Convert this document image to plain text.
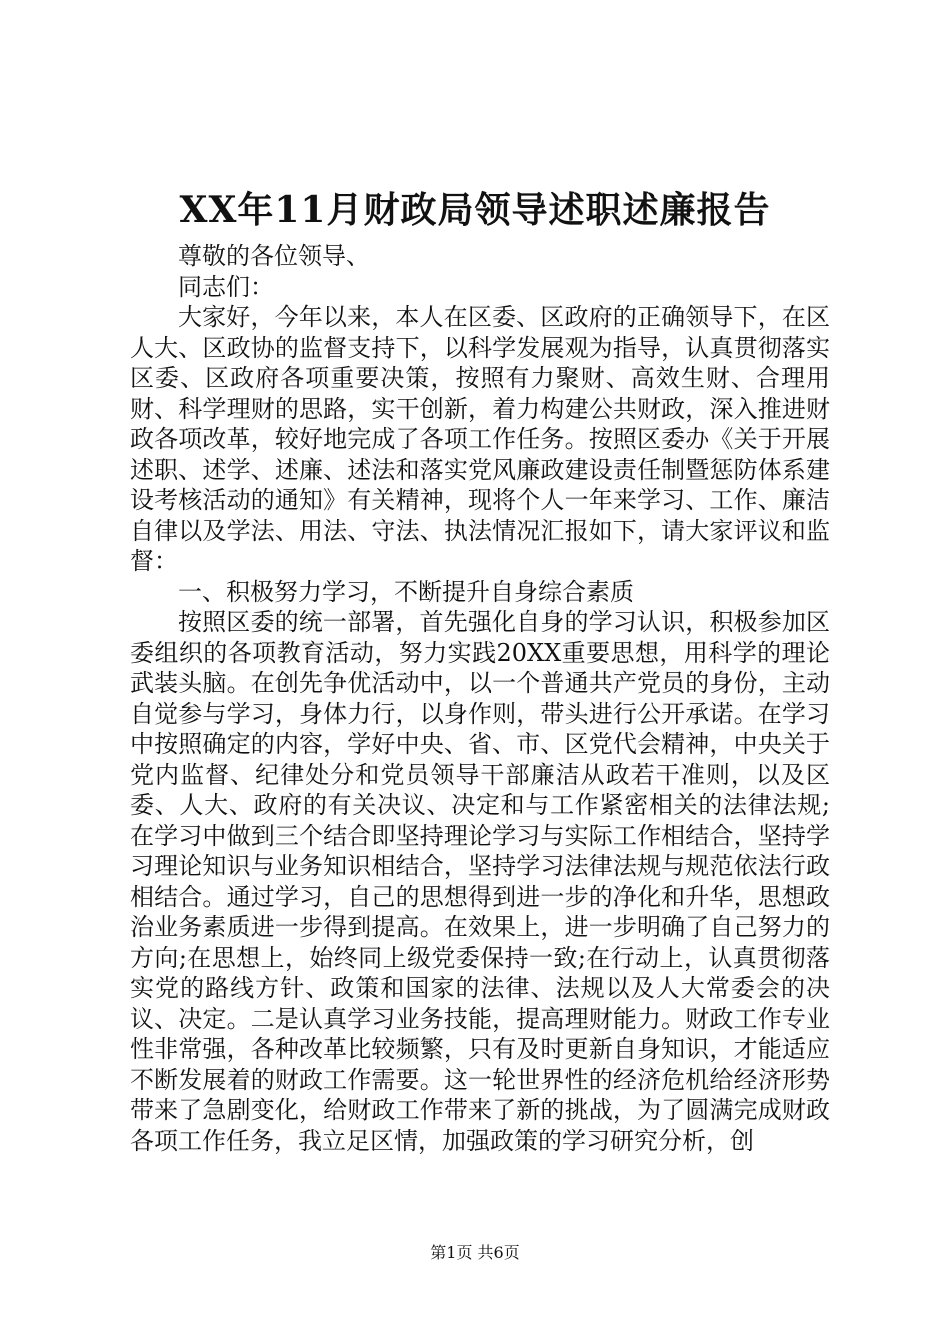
XX年11月财政局领导述职述廉报告

尊敬的各位领导、

同志们：

大家好，今年以来，本人在区委、区政府的正确领导下，在区人大、区政协的监督支持下，以科学发展观为指导，认真贯彻落实区委、区政府各项重要决策，按照有力聚财、高效生财、合理用财、科学理财的思路，实干创新，着力构建公共财政，深入推进财政各项改革，较好地完成了各项工作任务。按照区委办《关于开展述职、述学、述廉、述法和落实党风廉政建设责任制暨惩防体系建设考核活动的通知》有关精神，现将个人一年来学习、工作、廉洁自律以及学法、用法、守法、执法情况汇报如下，请大家评议和监督：

一、积极努力学习，不断提升自身综合素质

按照区委的统一部署，首先强化自身的学习认识，积极参加区委组织的各项教育活动，努力实践20XX重要思想，用科学的理论武装头脑。在创先争优活动中，以一个普通共产党员的身份，主动自觉参与学习，身体力行，以身作则，带头进行公开承诺。在学习中按照确定的内容，学好中央、省、市、区党代会精神，中央关于党内监督、纪律处分和党员领导干部廉洁从政若干准则，以及区委、人大、政府的有关决议、决定和与工作紧密相关的法律法规;在学习中做到三个结合即坚持理论学习与实际工作相结合，坚持学习理论知识与业务知识相结合，坚持学习法律法规与规范依法行政相结合。通过学习，自己的思想得到进一步的净化和升华，思想政治业务素质进一步得到提高。在效果上，进一步明确了自己努力的方向;在思想上，始终同上级党委保持一致;在行动上，认真贯彻落实党的路线方针、政策和国家的法律、法规以及人大常委会的决议、决定。二是认真学习业务技能，提高理财能力。财政工作专业性非常强，各种改革比较频繁，只有及时更新自身知识，才能适应不断发展着的财政工作需要。这一轮世界性的经济危机给经济形势带来了急剧变化，给财政工作带来了新的挑战，为了圆满完成财政各项工作任务，我立足区情，加强政策的学习研究分析，创

第1页 共6页
